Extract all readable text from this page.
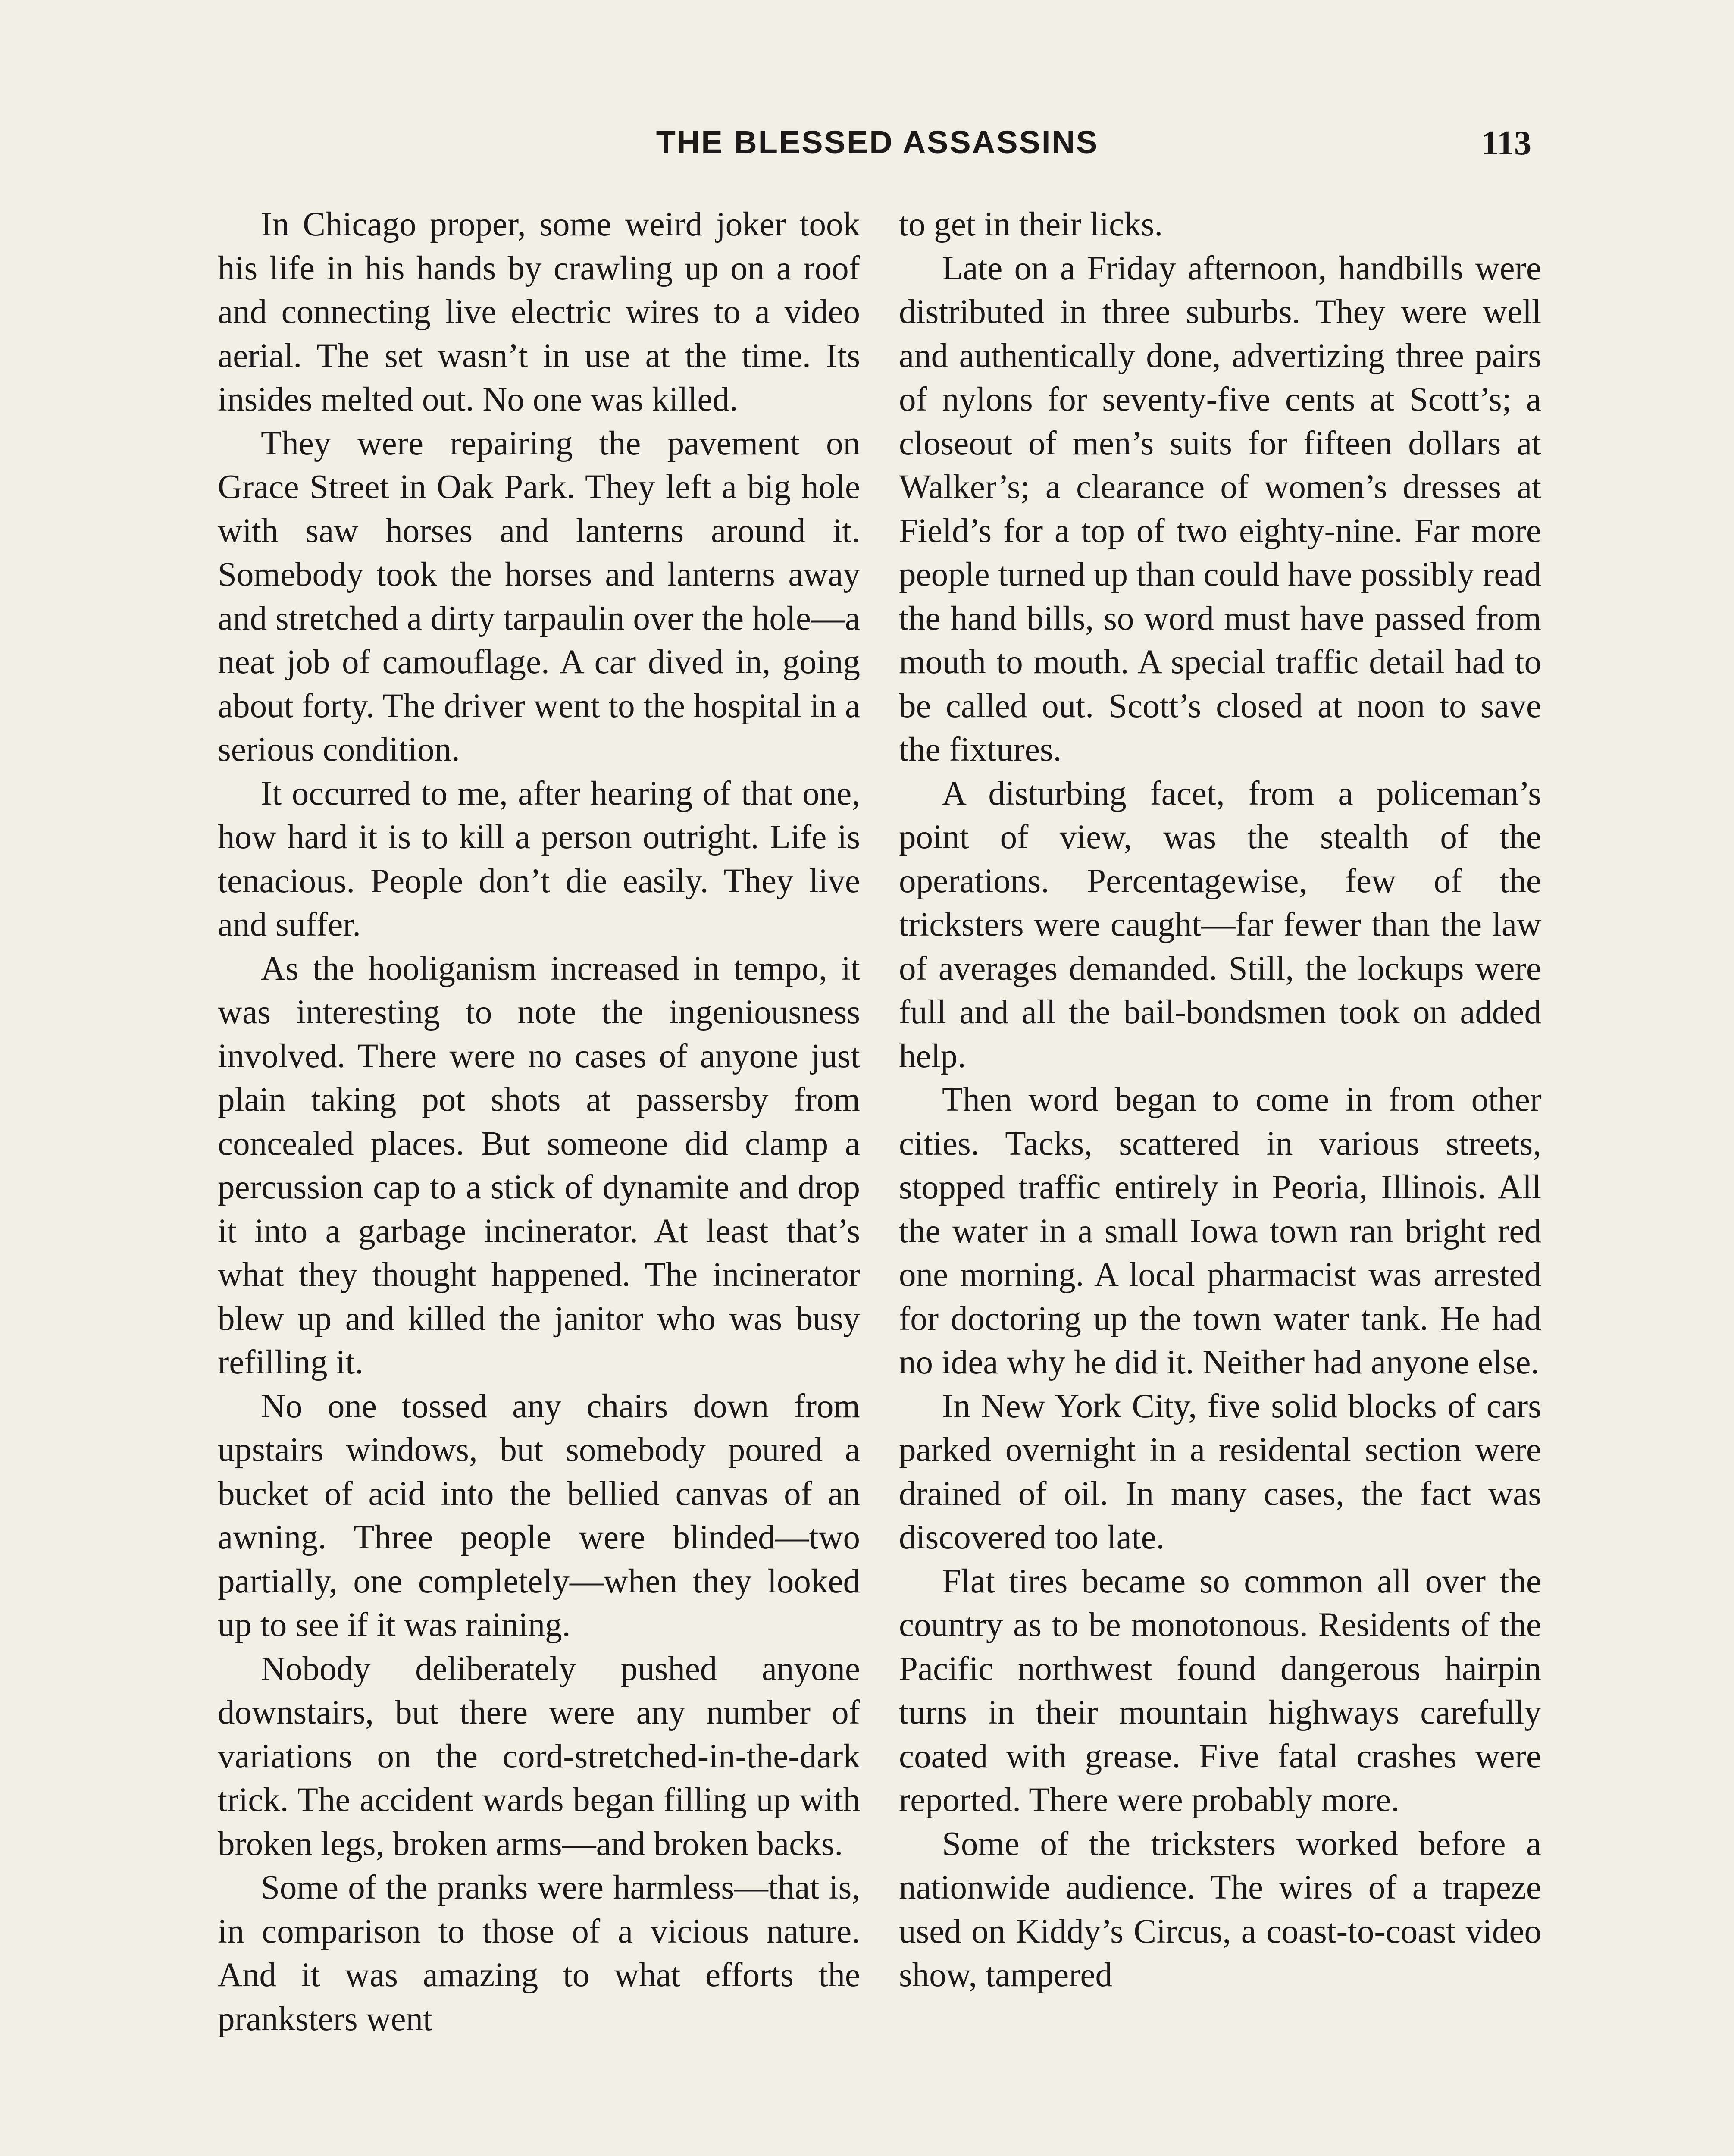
THE BLESSED ASSASSINS	113

In Chicago proper, some weird joker took his life in his hands by crawling up on a roof and connecting live electric wires to a video aerial. The set wasn’t in use at the time. Its insides melted out. No one was killed.

They were repairing the pavement on Grace Street in Oak Park. They left a big hole with saw horses and lanterns around it. Somebody took the horses and lanterns away and stretched a dirty tarpaulin over the hole—a neat job of camouflage. A car dived in, going about forty. The driver went to the hospital in a serious condition.

It occurred to me, after hearing of that one, how hard it is to kill a person outright. Life is tenacious. People don’t die easily. They live and suffer.

As the hooliganism increased in tempo, it was interesting to note the ingeniousness involved. There were no cases of anyone just plain taking pot shots at passersby from concealed places. But someone did clamp a percussion cap to a stick of dynamite and drop it into a garbage incinerator. At least that’s what they thought happened. The incinerator blew up and killed the janitor who was busy refilling it.

No one tossed any chairs down from upstairs windows, but somebody poured a bucket of acid into the bellied canvas of an awning. Three people were blinded—two partially, one completely—when they looked up to see if it was raining.

Nobody deliberately pushed anyone downstairs, but there were any number of variations on the cord-stretched-in-the-dark trick. The accident wards began filling up with broken legs, broken arms—and broken backs.

Some of the pranks were harmless—that is, in comparison to those of a vicious nature. And it was amazing to what efforts the pranksters went

to get in their licks.

Late on a Friday afternoon, handbills were distributed in three suburbs. They were well and authentically done, advertizing three pairs of nylons for seventy-five cents at Scott’s; a closeout of men’s suits for fifteen dollars at Walker’s; a clearance of women’s dresses at Field’s for a top of two eighty-nine. Far more people turned up than could have possibly read the hand bills, so word must have passed from mouth to mouth. A special traffic detail had to be called out. Scott’s closed at noon to save the fixtures.

A disturbing facet, from a policeman’s point of view, was the stealth of the operations. Percentagewise, few of the tricksters were caught—far fewer than the law of averages demanded. Still, the lockups were full and all the bail-bondsmen took on added help.

Then word began to come in from other cities. Tacks, scattered in various streets, stopped traffic entirely in Peoria, Illinois. All the water in a small Iowa town ran bright red one morning. A local pharmacist was arrested for doctoring up the town water tank. He had no idea why he did it. Neither had anyone else.

In New York City, five solid blocks of cars parked overnight in a residental section were drained of oil. In many cases, the fact was discovered too late.

Flat tires became so common all over the country as to be monotonous. Residents of the Pacific northwest found dangerous hairpin turns in their mountain highways carefully coated with grease. Five fatal crashes were reported. There were probably more.

Some of the tricksters worked before a nationwide audience. The wires of a trapeze used on Kiddy’s Circus, a coast-to-coast video show, tampered
